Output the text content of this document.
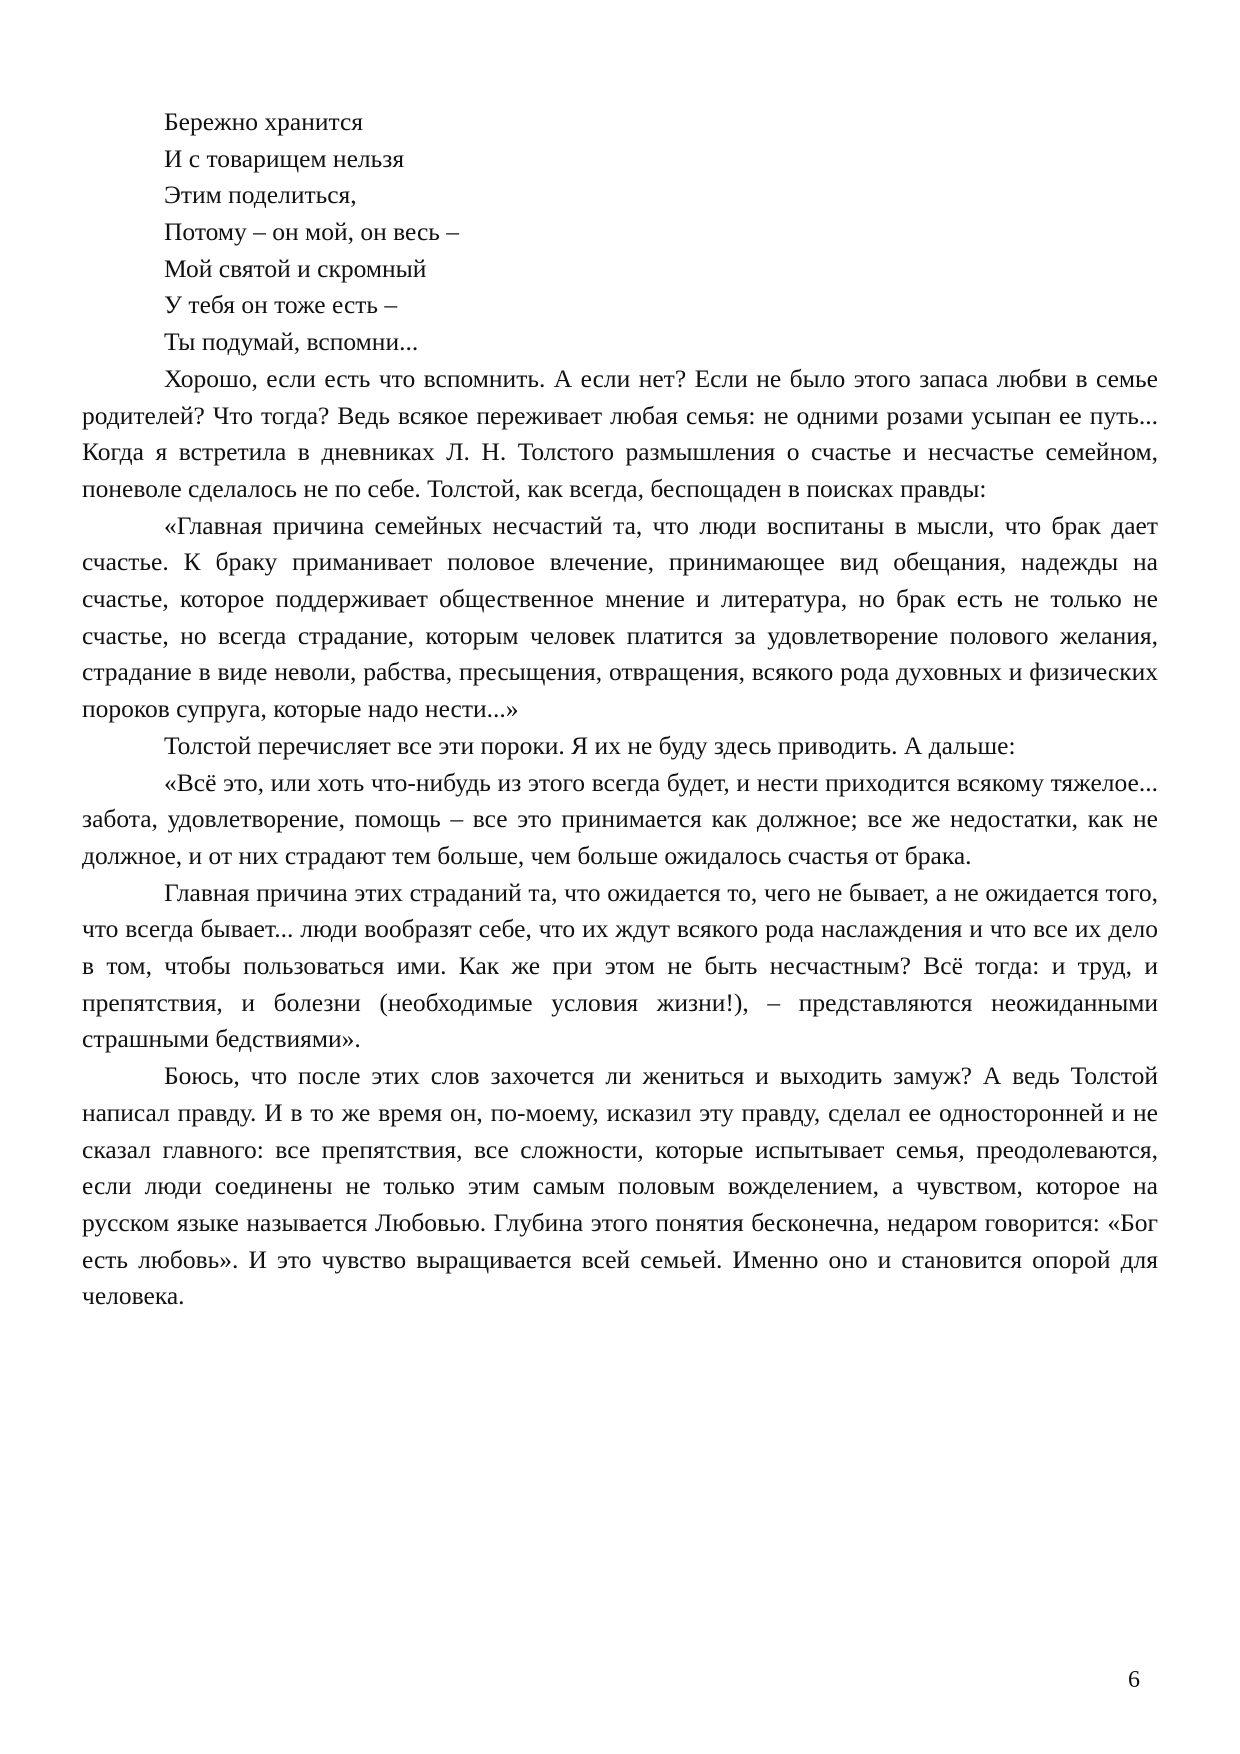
Бережно хранится
И с товарищем нельзя
Этим поделиться,
Потому – он мой, он весь –
Мой святой и скромный
У тебя он тоже есть –
Ты подумай, вспомни...

Хорошо, если есть что вспомнить. А если нет? Если не было этого запаса любви в семье родителей? Что тогда? Ведь всякое переживает любая семья: не одними розами усыпан ее путь... Когда я встретила в дневниках Л. Н. Толстого размышления о счастье и несчастье семейном, поневоле сделалось не по себе. Толстой, как всегда, беспощаден в поисках правды:

«Главная причина семейных несчастий та, что люди воспитаны в мысли, что брак дает счастье. К браку приманивает половое влечение, принимающее вид обещания, надежды на счастье, которое поддерживает общественное мнение и литература, но брак есть не только не счастье, но всегда страдание, которым человек платится за удовлетворение полового желания, страдание в виде неволи, рабства, пресыщения, отвращения, всякого рода духовных и физических пороков супруга, которые надо нести...»

Толстой перечисляет все эти пороки. Я их не буду здесь приводить. А дальше:

«Всё это, или хоть что-нибудь из этого всегда будет, и нести приходится всякому тяжелое... забота, удовлетворение, помощь – все это принимается как должное; все же недостатки, как не должное, и от них страдают тем больше, чем больше ожидалось счастья от брака.

Главная причина этих страданий та, что ожидается то, чего не бывает, а не ожидается того, что всегда бывает... люди вообразят себе, что их ждут всякого рода наслаждения и что все их дело в том, чтобы пользоваться ими. Как же при этом не быть несчастным? Всё тогда: и труд, и препятствия, и болезни (необходимые условия жизни!), – представляются неожиданными страшными бедствиями».

Боюсь, что после этих слов захочется ли жениться и выходить замуж? А ведь Толстой написал правду. И в то же время он, по-моему, исказил эту правду, сделал ее односторонней и не сказал главного: все препятствия, все сложности, которые испытывает семья, преодолеваются, если люди соединены не только этим самым половым вожделением, а чувством, которое на русском языке называется Любовью. Глубина этого понятия бесконечна, недаром говорится: «Бог есть любовь». И это чувство выращивается всей семьей. Именно оно и становится опорой для человека.

6
